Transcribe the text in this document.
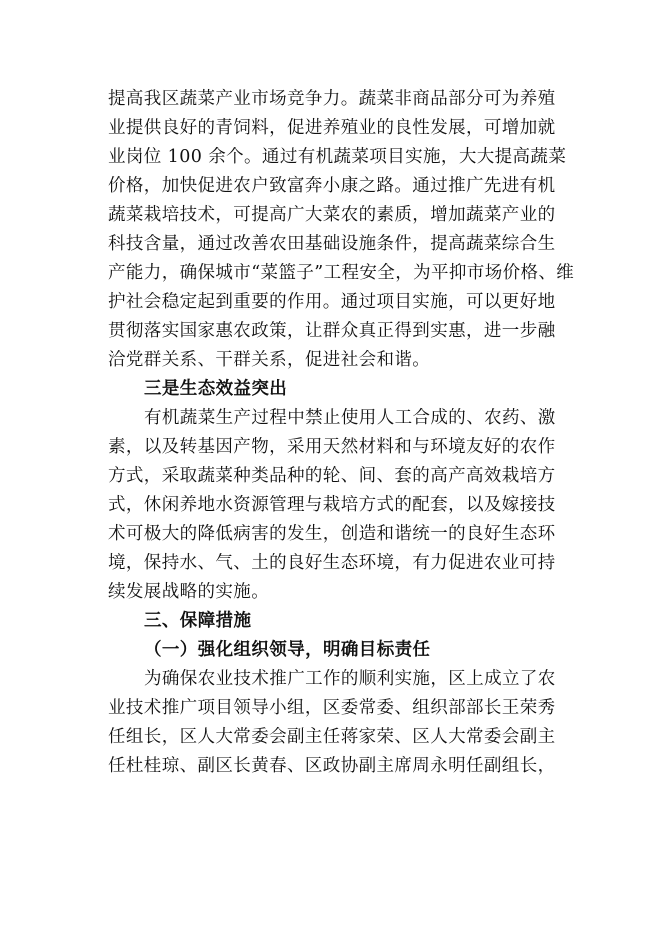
提高我区蔬菜产业市场竞争力。蔬菜非商品部分可为养殖
业提供良好的青饲料，促进养殖业的良性发展，可增加就
业岗位 100 余个。通过有机蔬菜项目实施，大大提高蔬菜
价格，加快促进农户致富奔小康之路。通过推广先进有机
蔬菜栽培技术，可提高广大菜农的素质，增加蔬菜产业的
科技含量，通过改善农田基础设施条件，提高蔬菜综合生
产能力，确保城市“菜篮子”工程安全，为平抑市场价格、维
护社会稳定起到重要的作用。通过项目实施，可以更好地
贯彻落实国家惠农政策，让群众真正得到实惠，进一步融
洽党群关系、干群关系，促进社会和谐。
三是生态效益突出
有机蔬菜生产过程中禁止使用人工合成的、农药、激
素，以及转基因产物，采用天然材料和与环境友好的农作
方式，采取蔬菜种类品种的轮、间、套的高产高效栽培方
式，休闲养地水资源管理与栽培方式的配套，以及嫁接技
术可极大的降低病害的发生，创造和谐统一的良好生态环
境，保持水、气、土的良好生态环境，有力促进农业可持
续发展战略的实施。
三、保障措施
（一）强化组织领导，明确目标责任
为确保农业技术推广工作的顺利实施，区上成立了农
业技术推广项目领导小组，区委常委、组织部部长王荣秀
任组长，区人大常委会副主任蒋家荣、区人大常委会副主
任杜桂琼、副区长黄春、区政协副主席周永明任副组长，
